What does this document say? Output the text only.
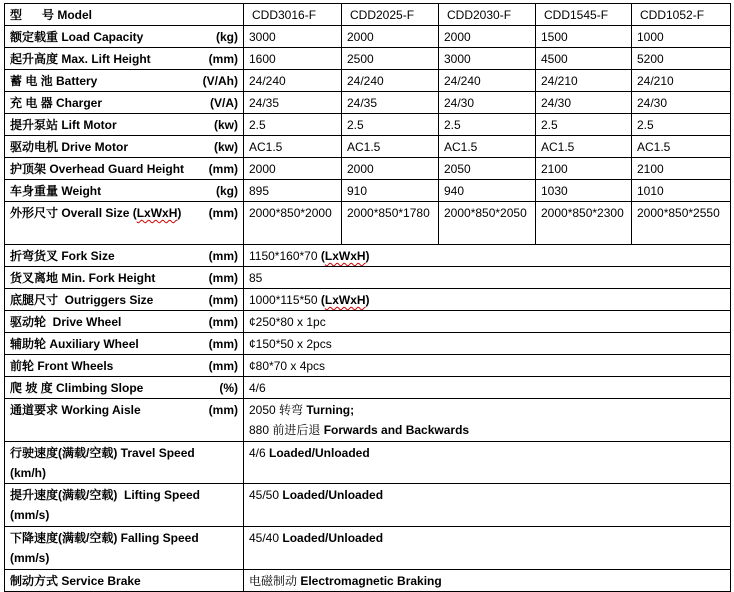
型      号 Model	CDD3016-F	CDD2025-F	CDD2030-F	CDD1545-F	CDD1052-F
额定载重 Load Capacity (kg)	3000	2000	2000	1500	1000
起升高度 Max. Lift Height (mm)	1600	2500	3000	4500	5200
蓄 电 池 Battery (V/Ah)	24/240	24/240	24/240	24/210	24/210
充 电 器 Charger (V/A)	24/35	24/35	24/30	24/30	24/30
提升泵站 Lift Motor (kw)	2.5	2.5	2.5	2.5	2.5
驱动电机 Drive Motor (kw)	AC1.5	AC1.5	AC1.5	AC1.5	AC1.5
护顶架 Overhead Guard Height (mm)	2000	2000	2050	2100	2100
车身重量 Weight (kg)	895	910	940	1030	1010
外形尺寸 Overall Size (LxWxH) (mm)	2000*850*2000	2000*850*1780	2000*850*2050	2000*850*2300	2000*850*2550
折弯货叉 Fork Size (mm)	1150*160*70 (LxWxH)				
货叉离地 Min. Fork Height (mm)	85				
底腿尺寸  Outriggers Size (mm)	1000*115*50 (LxWxH)				
驱动轮  Drive Wheel (mm)	¢250*80 x 1pc				
辅助轮 Auxiliary Wheel (mm)	¢150*50 x 2pcs				
前轮 Front Wheels (mm)	¢80*70 x 4pcs				
爬 坡 度 Climbing Slope (%)	4/6				
通道要求 Working Aisle (mm)	2050 转弯 Turning;
880 前进后退 Forwards and Backwards				
行驶速度(满载/空载) Travel Speed (km/h)	4/6 Loaded/Unloaded				
提升速度(满载/空载)  Lifting Speed
(mm/s)	45/50 Loaded/Unloaded				
下降速度(满载/空载) Falling Speed
(mm/s)	45/40 Loaded/Unloaded				
制动方式 Service Brake	电磁制动 Electromagnetic Braking				
